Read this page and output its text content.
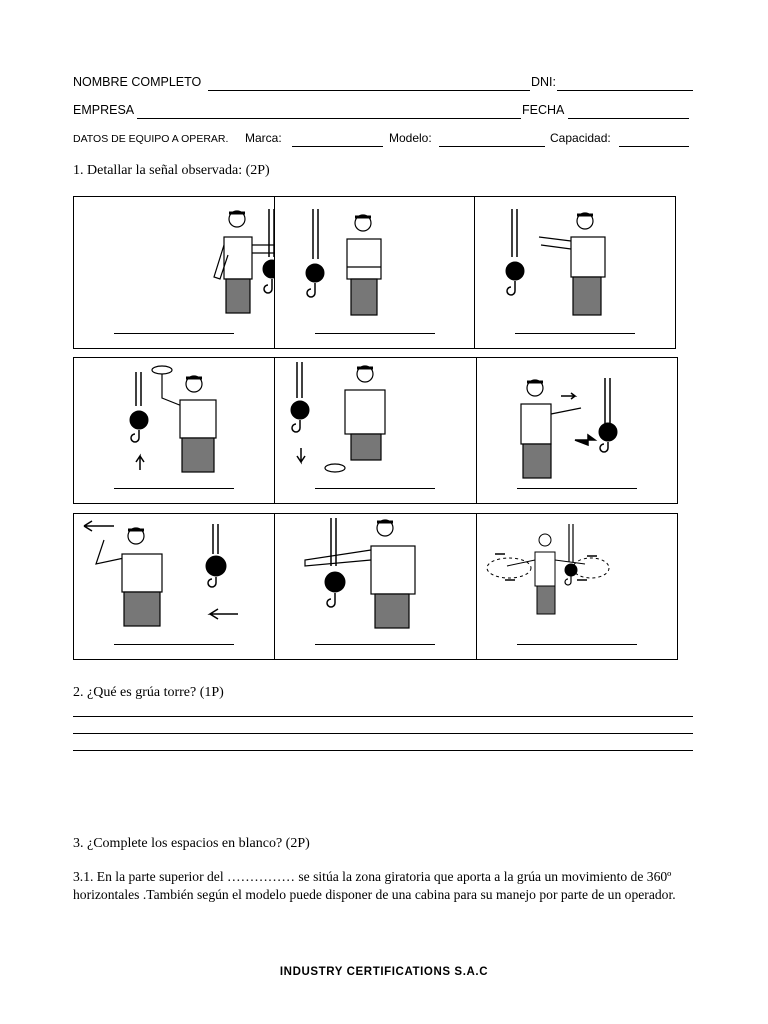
NOMBRE COMPLETO	DNI:
EMPRESA	FECHA
DATOS DE EQUIPO A OPERAR. Marca:	Modelo:	Capacidad:
1. Detallar la señal observada: (2P)
2. ¿Qué es grúa torre? (1P)
3. ¿Complete los espacios en blanco? (2P)
3.1. En la parte superior del …………… se sitúa la zona giratoria que aporta a la grúa un movimiento de 360º horizontales .También según el modelo puede disponer de una cabina para su manejo por parte de un operador.
INDUSTRY CERTIFICATIONS S.A.C
